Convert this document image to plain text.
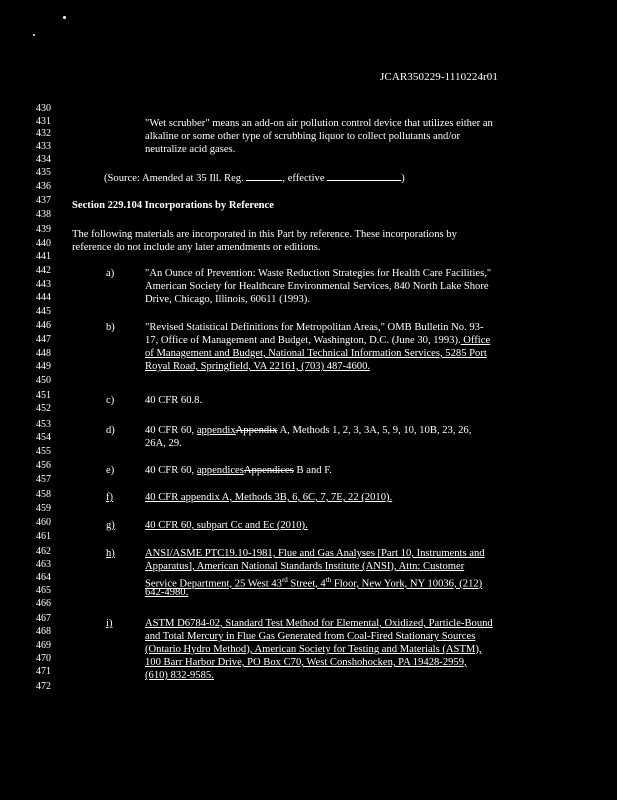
JCAR350229-1110224r01
430
431
432
433
434
435
436
437
438
439
440
441
442
443
444
445
446
447
448
449
450
451
452
453
454
455
456
457
458
459
460
461
462
463
464
465
466
467
468
469
470
471
472
"Wet scrubber" means an add-on air pollution control device that utilizes either an
alkaline or some other type of scrubbing liquor to collect pollutants and/or
neutralize acid gases.
(Source: Amended at 35 Ill. Reg.	, effective	)
Section 229.104 Incorporations by Reference
The following materials are incorporated in this Part by reference. These incorporations by
reference do not include any later amendments or editions.
a)	"An Ounce of Prevention: Waste Reduction Strategies for Health Care Facilities,"
American Society for Healthcare Environmental Services, 840 North Lake Shore
Drive, Chicago, Illinois, 60611 (1993).
b)	"Revised Statistical Definitions for Metropolitan Areas," OMB Bulletin No. 93-
17, Office of Management and Budget, Washington, D.C. (June 30, 1993). Office
of Management and Budget, National Technical Information Services, 5285 Port
Royal Road, Springfield, VA 22161, (703) 487-4600.
c)	40 CFR 60.8.
d)	40 CFR 60, appendixAppendix A, Methods 1, 2, 3, 3A, 5, 9, 10, 10B, 23, 26,
26A, 29.
e)	40 CFR 60, appendicesAppendices B and F.
f)	40 CFR appendix A, Methods 3B, 6, 6C, 7, 7E, 22 (2010).
g)	40 CFR 60, subpart Cc and Ec (2010).
h)	ANSI/ASME PTC19.10-1981, Flue and Gas Analyses [Part 10, Instruments and
Apparatus], American National Standards Institute (ANSI), Attn: Customer
Service Department, 25 West 43rd Street, 4th Floor, New York, NY 10036, (212)
642-4980.
i)	ASTM D6784-02, Standard Test Method for Elemental, Oxidized, Particle-Bound
and Total Mercury in Flue Gas Generated from Coal-Fired Stationary Sources
(Ontario Hydro Method), American Society for Testing and Materials (ASTM),
100 Barr Harbor Drive, PO Box C70, West Conshohocken, PA 19428-2959,
(610) 832-9585.
